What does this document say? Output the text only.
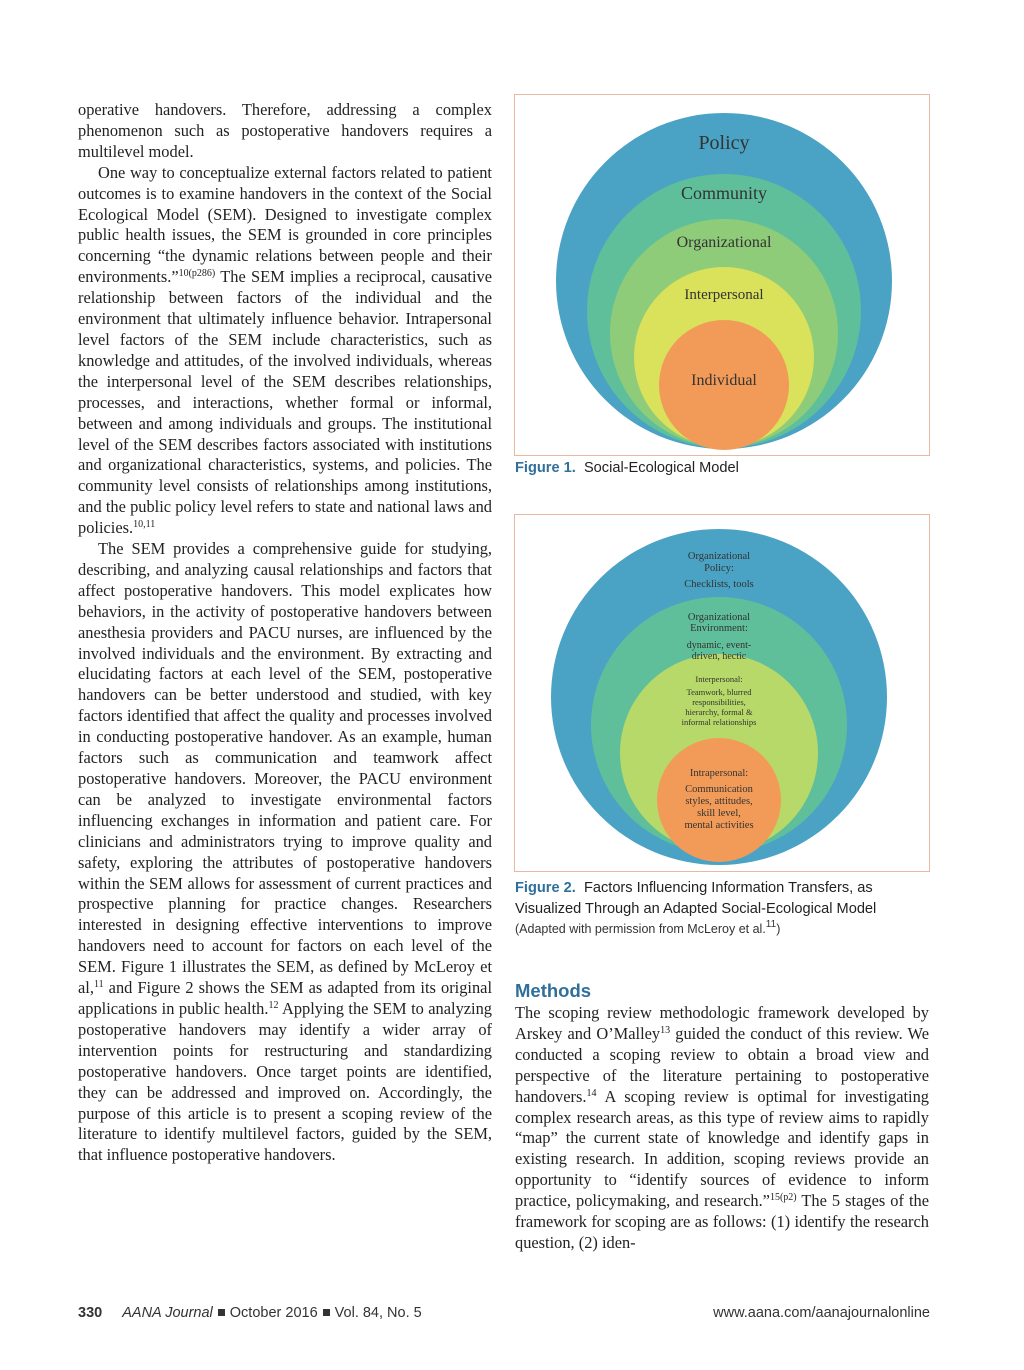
operative handovers. Therefore, addressing a complex phenomenon such as postoperative handovers requires a multilevel model.

One way to conceptualize external factors related to patient outcomes is to examine handovers in the context of the Social Ecological Model (SEM). Designed to investigate complex public health issues, the SEM is grounded in core principles concerning “the dynamic relations between people and their environments.”$^{10(p286)}$ The SEM implies a reciprocal, causative relationship between factors of the individual and the environment that ultimately influence behavior. Intrapersonal level factors of the SEM include characteristics, such as knowledge and attitudes, of the involved individuals, whereas the interpersonal level of the SEM describes relationships, processes, and interactions, whether formal or informal, between and among individuals and groups. The institutional level of the SEM describes factors associated with institutions and organizational characteristics, systems, and policies. The community level consists of relationships among institutions, and the public policy level refers to state and national laws and policies.$^{10,11}$

The SEM provides a comprehensive guide for studying, describing, and analyzing causal relationships and factors that affect postoperative handovers. This model explicates how behaviors, in the activity of postoperative handovers between anesthesia providers and PACU nurses, are influenced by the involved individuals and the environment. By extracting and elucidating factors at each level of the SEM, postoperative handovers can be better understood and studied, with key factors identified that affect the quality and processes involved in conducting postoperative handover. As an example, human factors such as communication and teamwork affect postoperative handovers. Moreover, the PACU environment can be analyzed to investigate environmental factors influencing exchanges in information and patient care. For clinicians and administrators trying to improve quality and safety, exploring the attributes of postoperative handovers within the SEM allows for assessment of current practices and prospective planning for practice changes. Researchers interested in designing effective interventions to improve handovers need to account for factors on each level of the SEM. Figure 1 illustrates the SEM, as defined by McLeroy et al,$^{11}$ and Figure 2 shows the SEM as adapted from its original applications in public health.$^{12}$ Applying the SEM to analyzing postoperative handovers may identify a wider array of intervention points for restructuring and standardizing postoperative handovers. Once target points are identified, they can be addressed and improved on. Accordingly, the purpose of this article is to present a scoping review of the literature to identify multilevel factors, guided by the SEM, that influence postoperative handovers.

Policy
Community
Organizational
Interpersonal
Individual
Figure 1. Social-Ecological Model
Organizational
Policy:
Checklists, tools
Organizational
Environment:
dynamic, event-
driven, hectic
Interpersonal:
Teamwork, blurred
responsibilities,
hierarchy, formal &
informal relationships
Intrapersonal:
Communication
styles, attitudes,
skill level,
mental activities
Figure 2. Factors Influencing Information Transfers, as Visualized Through an Adapted Social-Ecological Model
(Adapted with permission from McLeroy et al.$^{11}$)
Methods

The scoping review methodologic framework developed by Arskey and O’Malley$^{13}$ guided the conduct of this review. We conducted a scoping review to obtain a broad view and perspective of the literature pertaining to postoperative handovers.$^{14}$ A scoping review is optimal for investigating complex research areas, as this type of review aims to rapidly “map” the current state of knowledge and identify gaps in existing research. In addition, scoping reviews provide an opportunity to “identify sources of evidence to inform practice, policymaking, and research.”$^{15(p2)}$ The 5 stages of the framework for scoping are as follows: (1) identify the research question, (2) iden-

330 AANA Journal October 2016 Vol. 84, No. 5	www.aana.com/aanajournalonline
